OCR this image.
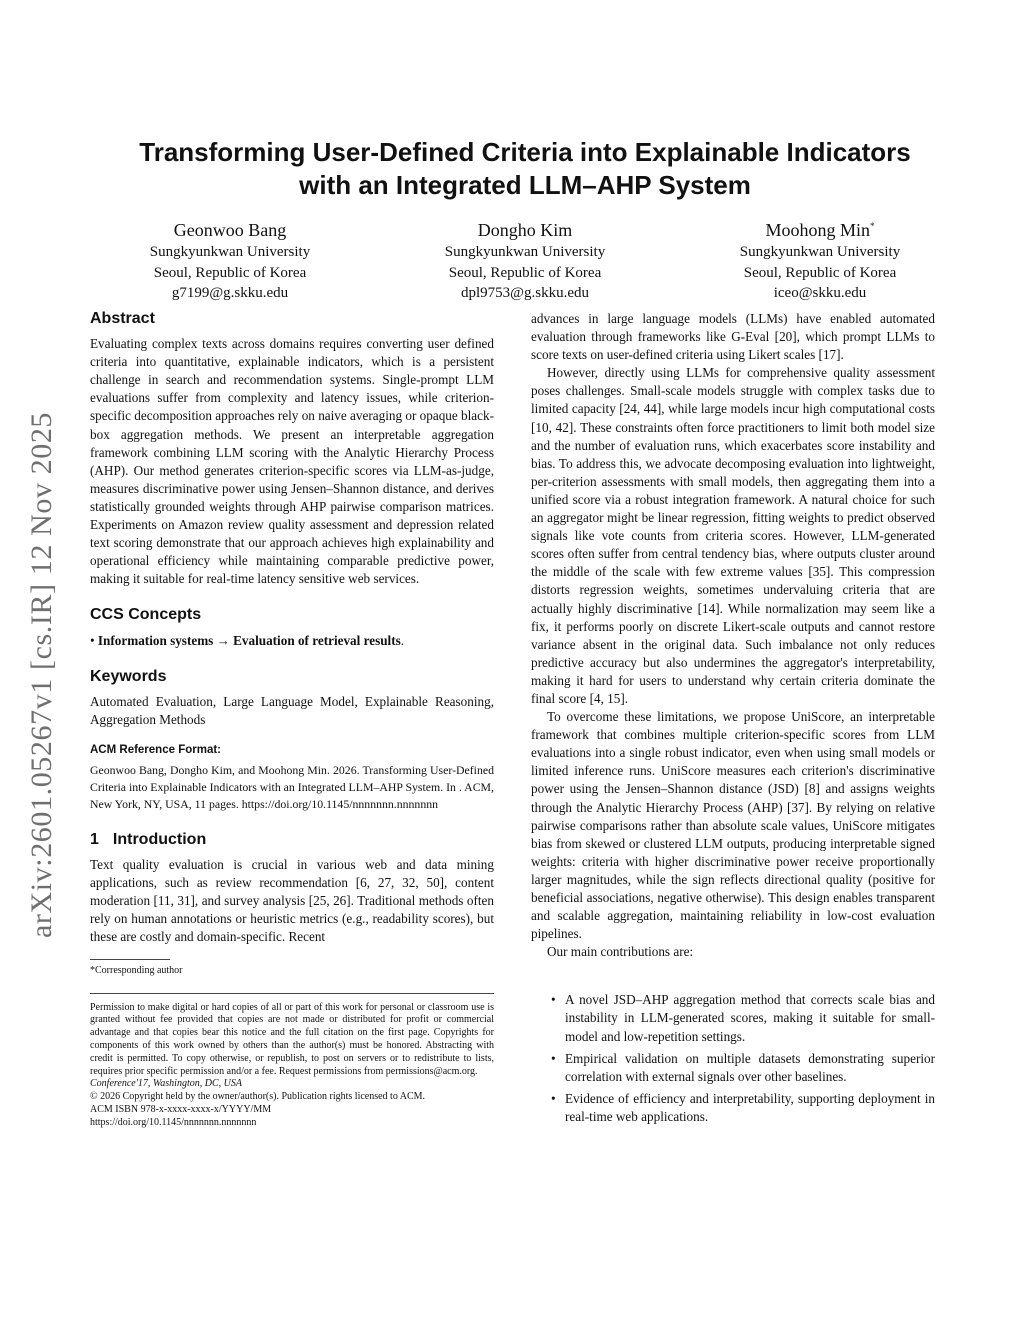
arXiv:2601.05267v1 [cs.IR] 12 Nov 2025
Transforming User-Defined Criteria into Explainable Indicators
with an Integrated LLM–AHP System
Geonwoo Bang
Sungkyunkwan University
Seoul, Republic of Korea
g7199@g.skku.edu
Dongho Kim
Sungkyunkwan University
Seoul, Republic of Korea
dpl9753@g.skku.edu
Moohong Min*
Sungkyunkwan University
Seoul, Republic of Korea
iceo@skku.edu
Abstract

Evaluating complex texts across domains requires converting user defined criteria into quantitative, explainable indicators, which is a persistent challenge in search and recommendation systems. Single-prompt LLM evaluations suffer from complexity and latency issues, while criterion-specific decomposition approaches rely on naive averaging or opaque black-box aggregation methods. We present an interpretable aggregation framework combining LLM scoring with the Analytic Hierarchy Process (AHP). Our method generates criterion-specific scores via LLM-as-judge, measures discriminative power using Jensen–Shannon distance, and derives statistically grounded weights through AHP pairwise comparison matrices. Experiments on Amazon review quality assessment and depression related text scoring demonstrate that our approach achieves high explainability and operational efficiency while maintaining comparable predictive power, making it suitable for real-time latency sensitive web services.

CCS Concepts

• Information systems → Evaluation of retrieval results.

Keywords

Automated Evaluation, Large Language Model, Explainable Reasoning, Aggregation Methods

ACM Reference Format:

Geonwoo Bang, Dongho Kim, and Moohong Min. 2026. Transforming User-Defined Criteria into Explainable Indicators with an Integrated LLM–AHP System. In . ACM, New York, NY, USA, 11 pages. https://doi.org/10.1145/nnnnnnn.nnnnnnn

1 Introduction

Text quality evaluation is crucial in various web and data mining applications, such as review recommendation [6, 27, 32, 50], content moderation [11, 31], and survey analysis [25, 26]. Traditional methods often rely on human annotations or heuristic metrics (e.g., readability scores), but these are costly and domain-specific. Recent

*Corresponding author

Permission to make digital or hard copies of all or part of this work for personal or classroom use is granted without fee provided that copies are not made or distributed for profit or commercial advantage and that copies bear this notice and the full citation on the first page. Copyrights for components of this work owned by others than the author(s) must be honored. Abstracting with credit is permitted. To copy otherwise, or republish, to post on servers or to redistribute to lists, requires prior specific permission and/or a fee. Request permissions from permissions@acm.org.

Conference'17, Washington, DC, USA

© 2026 Copyright held by the owner/author(s). Publication rights licensed to ACM.

ACM ISBN 978-x-xxxx-xxxx-x/YYYY/MM

https://doi.org/10.1145/nnnnnnn.nnnnnnn

advances in large language models (LLMs) have enabled automated evaluation through frameworks like G-Eval [20], which prompt LLMs to score texts on user-defined criteria using Likert scales [17].

However, directly using LLMs for comprehensive quality assessment poses challenges. Small-scale models struggle with complex tasks due to limited capacity [24, 44], while large models incur high computational costs [10, 42]. These constraints often force practitioners to limit both model size and the number of evaluation runs, which exacerbates score instability and bias. To address this, we advocate decomposing evaluation into lightweight, per-criterion assessments with small models, then aggregating them into a unified score via a robust integration framework. A natural choice for such an aggregator might be linear regression, fitting weights to predict observed signals like vote counts from criteria scores. However, LLM-generated scores often suffer from central tendency bias, where outputs cluster around the middle of the scale with few extreme values [35]. This compression distorts regression weights, sometimes undervaluing criteria that are actually highly discriminative [14]. While normalization may seem like a fix, it performs poorly on discrete Likert-scale outputs and cannot restore variance absent in the original data. Such imbalance not only reduces predictive accuracy but also undermines the aggregator's interpretability, making it hard for users to understand why certain criteria dominate the final score [4, 15].

To overcome these limitations, we propose UniScore, an interpretable framework that combines multiple criterion-specific scores from LLM evaluations into a single robust indicator, even when using small models or limited inference runs. UniScore measures each criterion's discriminative power using the Jensen–Shannon distance (JSD) [8] and assigns weights through the Analytic Hierarchy Process (AHP) [37]. By relying on relative pairwise comparisons rather than absolute scale values, UniScore mitigates bias from skewed or clustered LLM outputs, producing interpretable signed weights: criteria with higher discriminative power receive proportionally larger magnitudes, while the sign reflects directional quality (positive for beneficial associations, negative otherwise). This design enables transparent and scalable aggregation, maintaining reliability in low-cost evaluation pipelines.

Our main contributions are:

• A novel JSD–AHP aggregation method that corrects scale bias and instability in LLM-generated scores, making it suitable for small-model and low-repetition settings.
• Empirical validation on multiple datasets demonstrating superior correlation with external signals over other baselines.
• Evidence of efficiency and interpretability, supporting deployment in real-time web applications.
